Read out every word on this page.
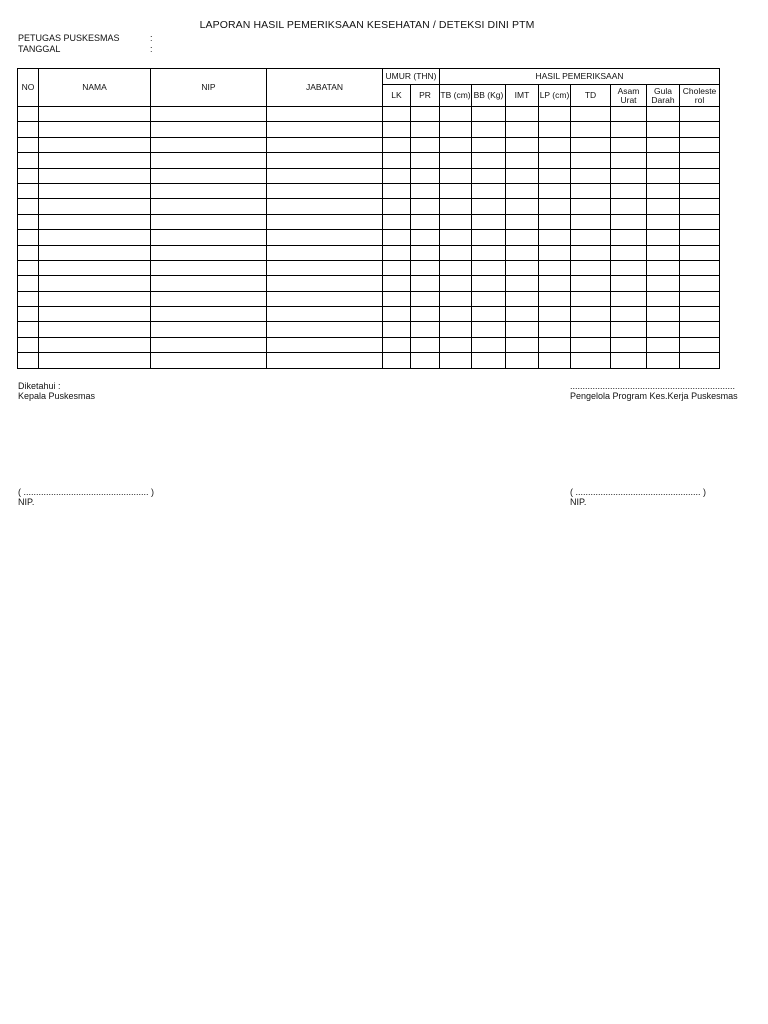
LAPORAN HASIL PEMERIKSAAN KESEHATAN / DETEKSI DINI PTM
PETUGAS PUSKESMAS	:
TANGGAL	:
NO	NAMA	NIP	JABATAN	UMUR (THN)		HASIL PEMERIKSAAN							
				LK	PR	TB (cm)	BB (Kg)	IMT	LP (cm)	TD	Asam Urat	Gula Darah	Choleste rol

Diketahui :
Kepala Puskesmas
..................................................................
Pengelola Program Kes.Kerja Puskesmas
( .................................................. )
NIP.
( .................................................. )
NIP.
